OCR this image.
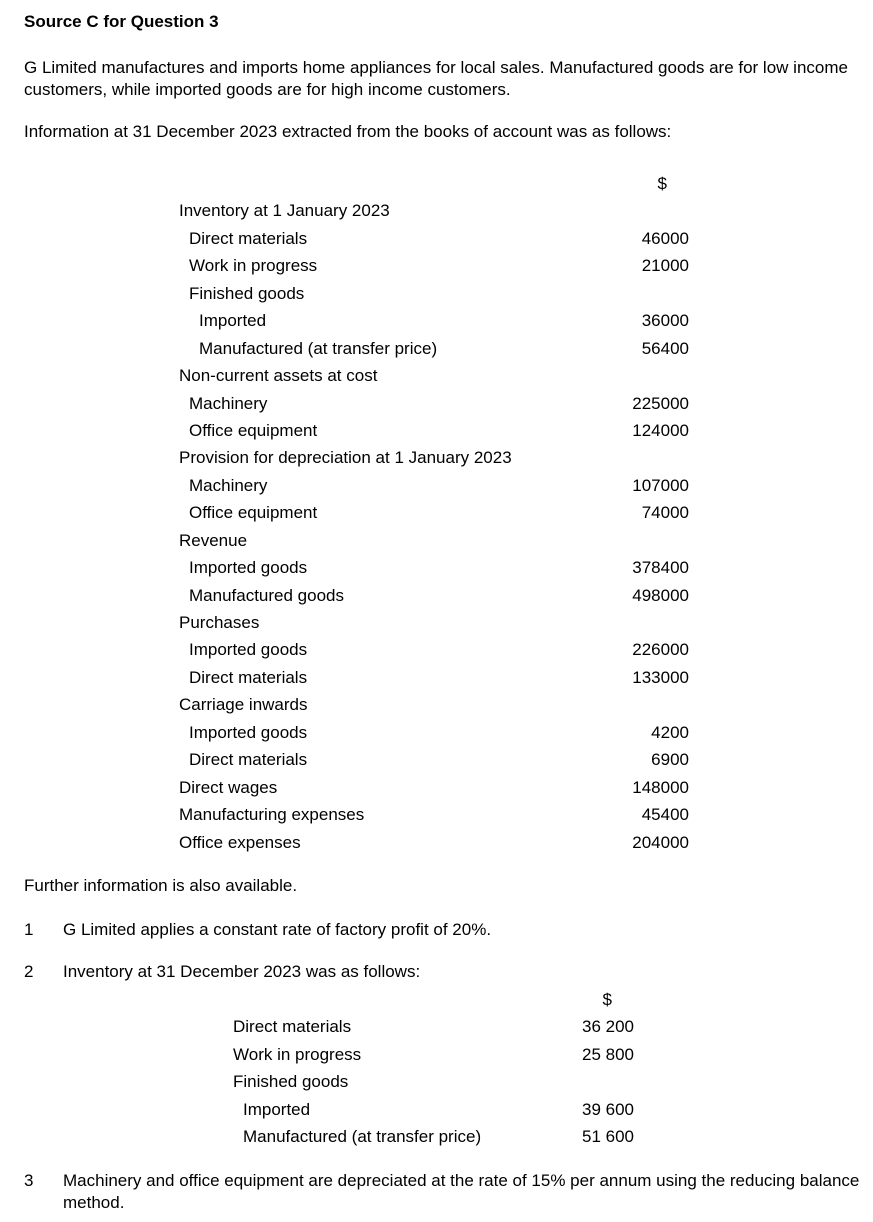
Source C for Question 3
G Limited manufactures and imports home appliances for local sales. Manufactured goods are for low income customers, while imported goods are for high income customers.
Information at 31 December 2023 extracted from the books of account was as follows:
$
Inventory at 1 January 2023
Direct materials	46000
Work in progress	21000
Finished goods
Imported	36000
Manufactured (at transfer price)	56400
Non-current assets at cost
Machinery	225000
Office equipment	124000
Provision for depreciation at 1 January 2023
Machinery	107000
Office equipment	74000
Revenue
Imported goods	378400
Manufactured goods	498000
Purchases
Imported goods	226000
Direct materials	133000
Carriage inwards
Imported goods	4200
Direct materials	6900
Direct wages	148000
Manufacturing expenses	45400
Office expenses	204000
Further information is also available.
1 G Limited applies a constant rate of factory profit of 20%.
2 Inventory at 31 December 2023 was as follows:
$
Direct materials	36 200
Work in progress	25 800
Finished goods
Imported	39 600
Manufactured (at transfer price)	51 600
3 Machinery and office equipment are depreciated at the rate of 15% per annum using the reducing balance method.
